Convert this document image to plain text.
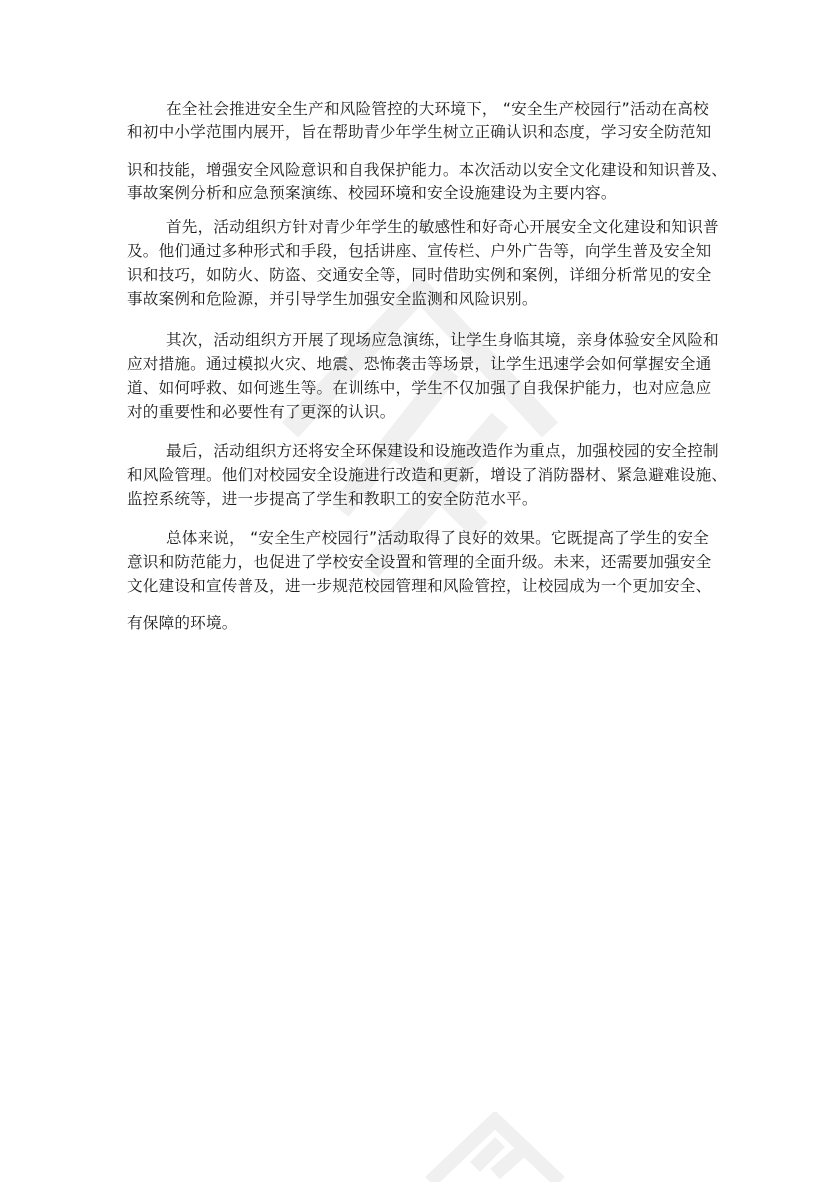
在全社会推进安全生产和风险管控的大环境下， “安全生产校园行”活动在高校
和初中小学范围内展开，旨在帮助青少年学生树立正确认识和态度，学习安全防范知
识和技能，增强安全风险意识和自我保护能力。本次活动以安全文化建设和知识普及、
事故案例分析和应急预案演练、校园环境和安全设施建设为主要内容。
首先，活动组织方针对青少年学生的敏感性和好奇心开展安全文化建设和知识普
及。他们通过多种形式和手段，包括讲座、宣传栏、户外广告等，向学生普及安全知
识和技巧，如防火、防盗、交通安全等，同时借助实例和案例，详细分析常见的安全
事故案例和危险源，并引导学生加强安全监测和风险识别。
其次，活动组织方开展了现场应急演练，让学生身临其境，亲身体验安全风险和
应对措施。通过模拟火灾、地震、恐怖袭击等场景，让学生迅速学会如何掌握安全通
道、如何呼救、如何逃生等。在训练中，学生不仅加强了自我保护能力，也对应急应
对的重要性和必要性有了更深的认识。
最后，活动组织方还将安全环保建设和设施改造作为重点，加强校园的安全控制
和风险管理。他们对校园安全设施进行改造和更新，增设了消防器材、紧急避难设施、
监控系统等，进一步提高了学生和教职工的安全防范水平。
总体来说， “安全生产校园行”活动取得了良好的效果。它既提高了学生的安全
意识和防范能力，也促进了学校安全设置和管理的全面升级。未来，还需要加强安全
文化建设和宣传普及，进一步规范校园管理和风险管控，让校园成为一个更加安全、
有保障的环境。
